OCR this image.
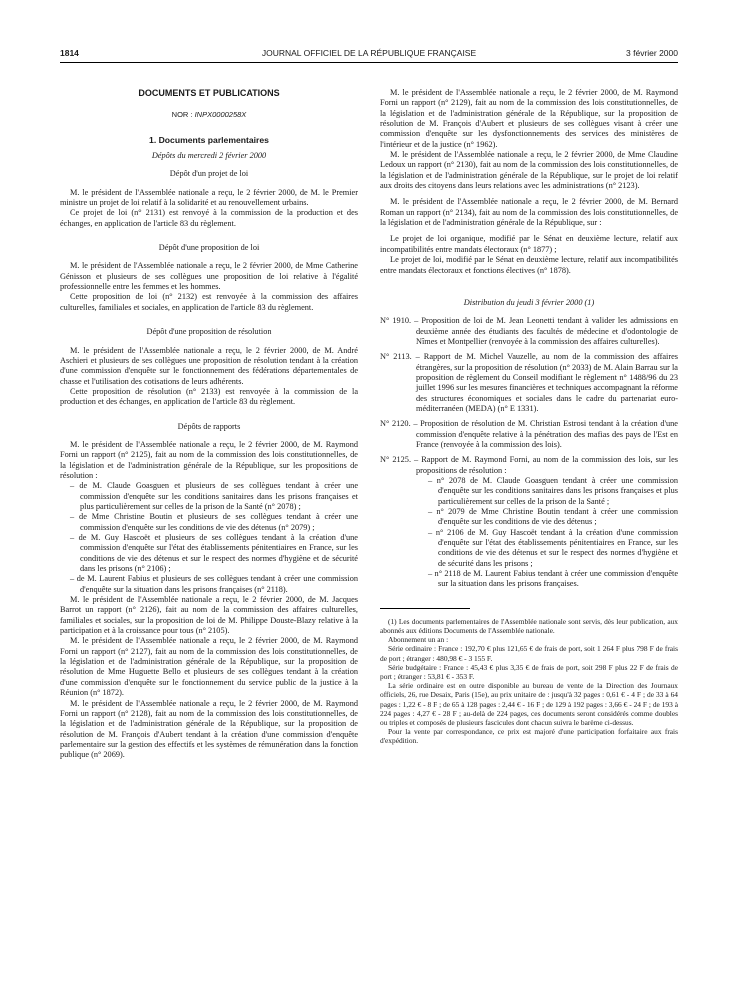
1814	JOURNAL OFFICIEL DE LA RÉPUBLIQUE FRANÇAISE	3 février 2000
DOCUMENTS ET PUBLICATIONS
NOR : INPX0000258X
1. Documents parlementaires
Dépôts du mercredi 2 février 2000
Dépôt d'un projet de loi

M. le président de l'Assemblée nationale a reçu, le 2 février 2000, de M. le Premier ministre un projet de loi relatif à la solidarité et au renouvellement urbains.

Ce projet de loi (n° 2131) est renvoyé à la commission de la production et des échanges, en application de l'article 83 du règlement.

Dépôt d'une proposition de loi

M. le président de l'Assemblée nationale a reçu, le 2 février 2000, de Mme Catherine Génisson et plusieurs de ses collègues une proposition de loi relative à l'égalité professionnelle entre les femmes et les hommes.

Cette proposition de loi (n° 2132) est renvoyée à la commission des affaires culturelles, familiales et sociales, en application de l'article 83 du règlement.

Dépôt d'une proposition de résolution

M. le président de l'Assemblée nationale a reçu, le 2 février 2000, de M. André Aschieri et plusieurs de ses collègues une proposition de résolution tendant à la création d'une commission d'enquête sur le fonctionnement des fédérations départementales de chasse et l'utilisation des cotisations de leurs adhérents.

Cette proposition de résolution (n° 2133) est renvoyée à la commission de la production et des échanges, en application de l'article 83 du règlement.

Dépôts de rapports

M. le président de l'Assemblée nationale a reçu, le 2 février 2000, de M. Raymond Forni un rapport (n° 2125), fait au nom de la commission des lois constitutionnelles, de la législation et de l'administration générale de la République, sur les propositions de résolution :

– de M. Claude Goasguen et plusieurs de ses collègues tendant à créer une commission d'enquête sur les conditions sanitaires dans les prisons françaises et plus particulièrement sur celles de la prison de la Santé (n° 2078) ;

– de Mme Christine Boutin et plusieurs de ses collègues tendant à créer une commission d'enquête sur les conditions de vie des détenus (n° 2079) ;

– de M. Guy Hascoët et plusieurs de ses collègues tendant à la création d'une commission d'enquête sur l'état des établissements pénitentiaires en France, sur les conditions de vie des détenus et sur le respect des normes d'hygiène et de sécurité dans les prisons (n° 2106) ;

– de M. Laurent Fabius et plusieurs de ses collègues tendant à créer une commission d'enquête sur la situation dans les prisons françaises (n° 2118).

M. le président de l'Assemblée nationale a reçu, le 2 février 2000, de M. Jacques Barrot un rapport (n° 2126), fait au nom de la commission des affaires culturelles, familiales et sociales, sur la proposition de loi de M. Philippe Douste-Blazy relative à la participation et à la croissance pour tous (n° 2105).

M. le président de l'Assemblée nationale a reçu, le 2 février 2000, de M. Raymond Forni un rapport (n° 2127), fait au nom de la commission des lois constitutionnelles, de la législation et de l'administration générale de la République, sur la proposition de résolution de Mme Huguette Bello et plusieurs de ses collègues tendant à la création d'une commission d'enquête sur le fonctionnement du service public de la justice à la Réunion (n° 1872).

M. le président de l'Assemblée nationale a reçu, le 2 février 2000, de M. Raymond Forni un rapport (n° 2128), fait au nom de la commission des lois constitutionnelles, de la législation et de l'administration générale de la République, sur la proposition de résolution de M. François d'Aubert tendant à la création d'une commission d'enquête parlementaire sur la gestion des effectifs et les systèmes de rémunération dans la fonction publique (n° 2069).

M. le président de l'Assemblée nationale a reçu, le 2 février 2000, de M. Raymond Forni un rapport (n° 2129), fait au nom de la commission des lois constitutionnelles, de la législation et de l'administration générale de la République, sur la proposition de résolution de M. François d'Aubert et plusieurs de ses collègues visant à créer une commission d'enquête sur les dysfonctionnements des services des ministères de l'intérieur et de la justice (n° 1962).

M. le président de l'Assemblée nationale a reçu, le 2 février 2000, de Mme Claudine Ledoux un rapport (n° 2130), fait au nom de la commission des lois constitutionnelles, de la législation et de l'administration générale de la République, sur le projet de loi relatif aux droits des citoyens dans leurs relations avec les administrations (n° 2123).

M. le président de l'Assemblée nationale a reçu, le 2 février 2000, de M. Bernard Roman un rapport (n° 2134), fait au nom de la commission des lois constitutionnelles, de la législation et de l'administration générale de la République, sur :

Le projet de loi organique, modifié par le Sénat en deuxième lecture, relatif aux incompatibilités entre mandats électoraux (n° 1877) ;

Le projet de loi, modifié par le Sénat en deuxième lecture, relatif aux incompatibilités entre mandats électoraux et fonctions électives (n° 1878).

Distribution du jeudi 3 février 2000 (1)

N° 1910. – Proposition de loi de M. Jean Leonetti tendant à valider les admissions en deuxième année des étudiants des facultés de médecine et d'odontologie de Nîmes et Montpellier (renvoyée à la commission des affaires culturelles).

N° 2113. – Rapport de M. Michel Vauzelle, au nom de la commission des affaires étrangères, sur la proposition de résolution (n° 2033) de M. Alain Barrau sur la proposition de règlement du Conseil modifiant le règlement n° 1488/96 du 23 juillet 1996 sur les mesures financières et techniques accompagnant la réforme des structures économiques et sociales dans le cadre du partenariat euro-méditerranéen (MEDA) (n° E 1331).

N° 2120. – Proposition de résolution de M. Christian Estrosi tendant à la création d'une commission d'enquête relative à la pénétration des mafias des pays de l'Est en France (renvoyée à la commission des lois).

N° 2125. – Rapport de M. Raymond Forni, au nom de la commission des lois, sur les propositions de résolution :

– n° 2078 de M. Claude Goasguen tendant à créer une commission d'enquête sur les conditions sanitaires dans les prisons françaises et plus particulièrement sur celles de la prison de la Santé ;

– n° 2079 de Mme Christine Boutin tendant à créer une commission d'enquête sur les conditions de vie des détenus ;

– n° 2106 de M. Guy Hascoët tendant à la création d'une commission d'enquête sur l'état des établissements pénitentiaires en France, sur les conditions de vie des détenus et sur le respect des normes d'hygiène et de sécurité dans les prisons ;

– n° 2118 de M. Laurent Fabius tendant à créer une commission d'enquête sur la situation dans les prisons françaises.

(1) Les documents parlementaires de l'Assemblée nationale sont servis, dès leur publication, aux abonnés aux éditions Documents de l'Assemblée nationale.

Abonnement un an :

Série ordinaire : France : 192,70 € plus 121,65 € de frais de port, soit 1 264 F plus 798 F de frais de port ; étranger : 480,98 € - 3 155 F.

Série budgétaire : France : 45,43 € plus 3,35 € de frais de port, soit 298 F plus 22 F de frais de port ; étranger : 53,81 € - 353 F.

La série ordinaire est en outre disponible au bureau de vente de la Direction des Journaux officiels, 26, rue Desaix, Paris (15e), au prix unitaire de : jusqu'à 32 pages : 0,61 € - 4 F ; de 33 à 64 pages : 1,22 € - 8 F ; de 65 à 128 pages : 2,44 € - 16 F ; de 129 à 192 pages : 3,66 € - 24 F ; de 193 à 224 pages : 4,27 € - 28 F ; au-delà de 224 pages, ces documents seront considérés comme doubles ou triples et composés de plusieurs fascicules dont chacun suivra le barème ci-dessus.

Pour la vente par correspondance, ce prix est majoré d'une participation forfaitaire aux frais d'expédition.
